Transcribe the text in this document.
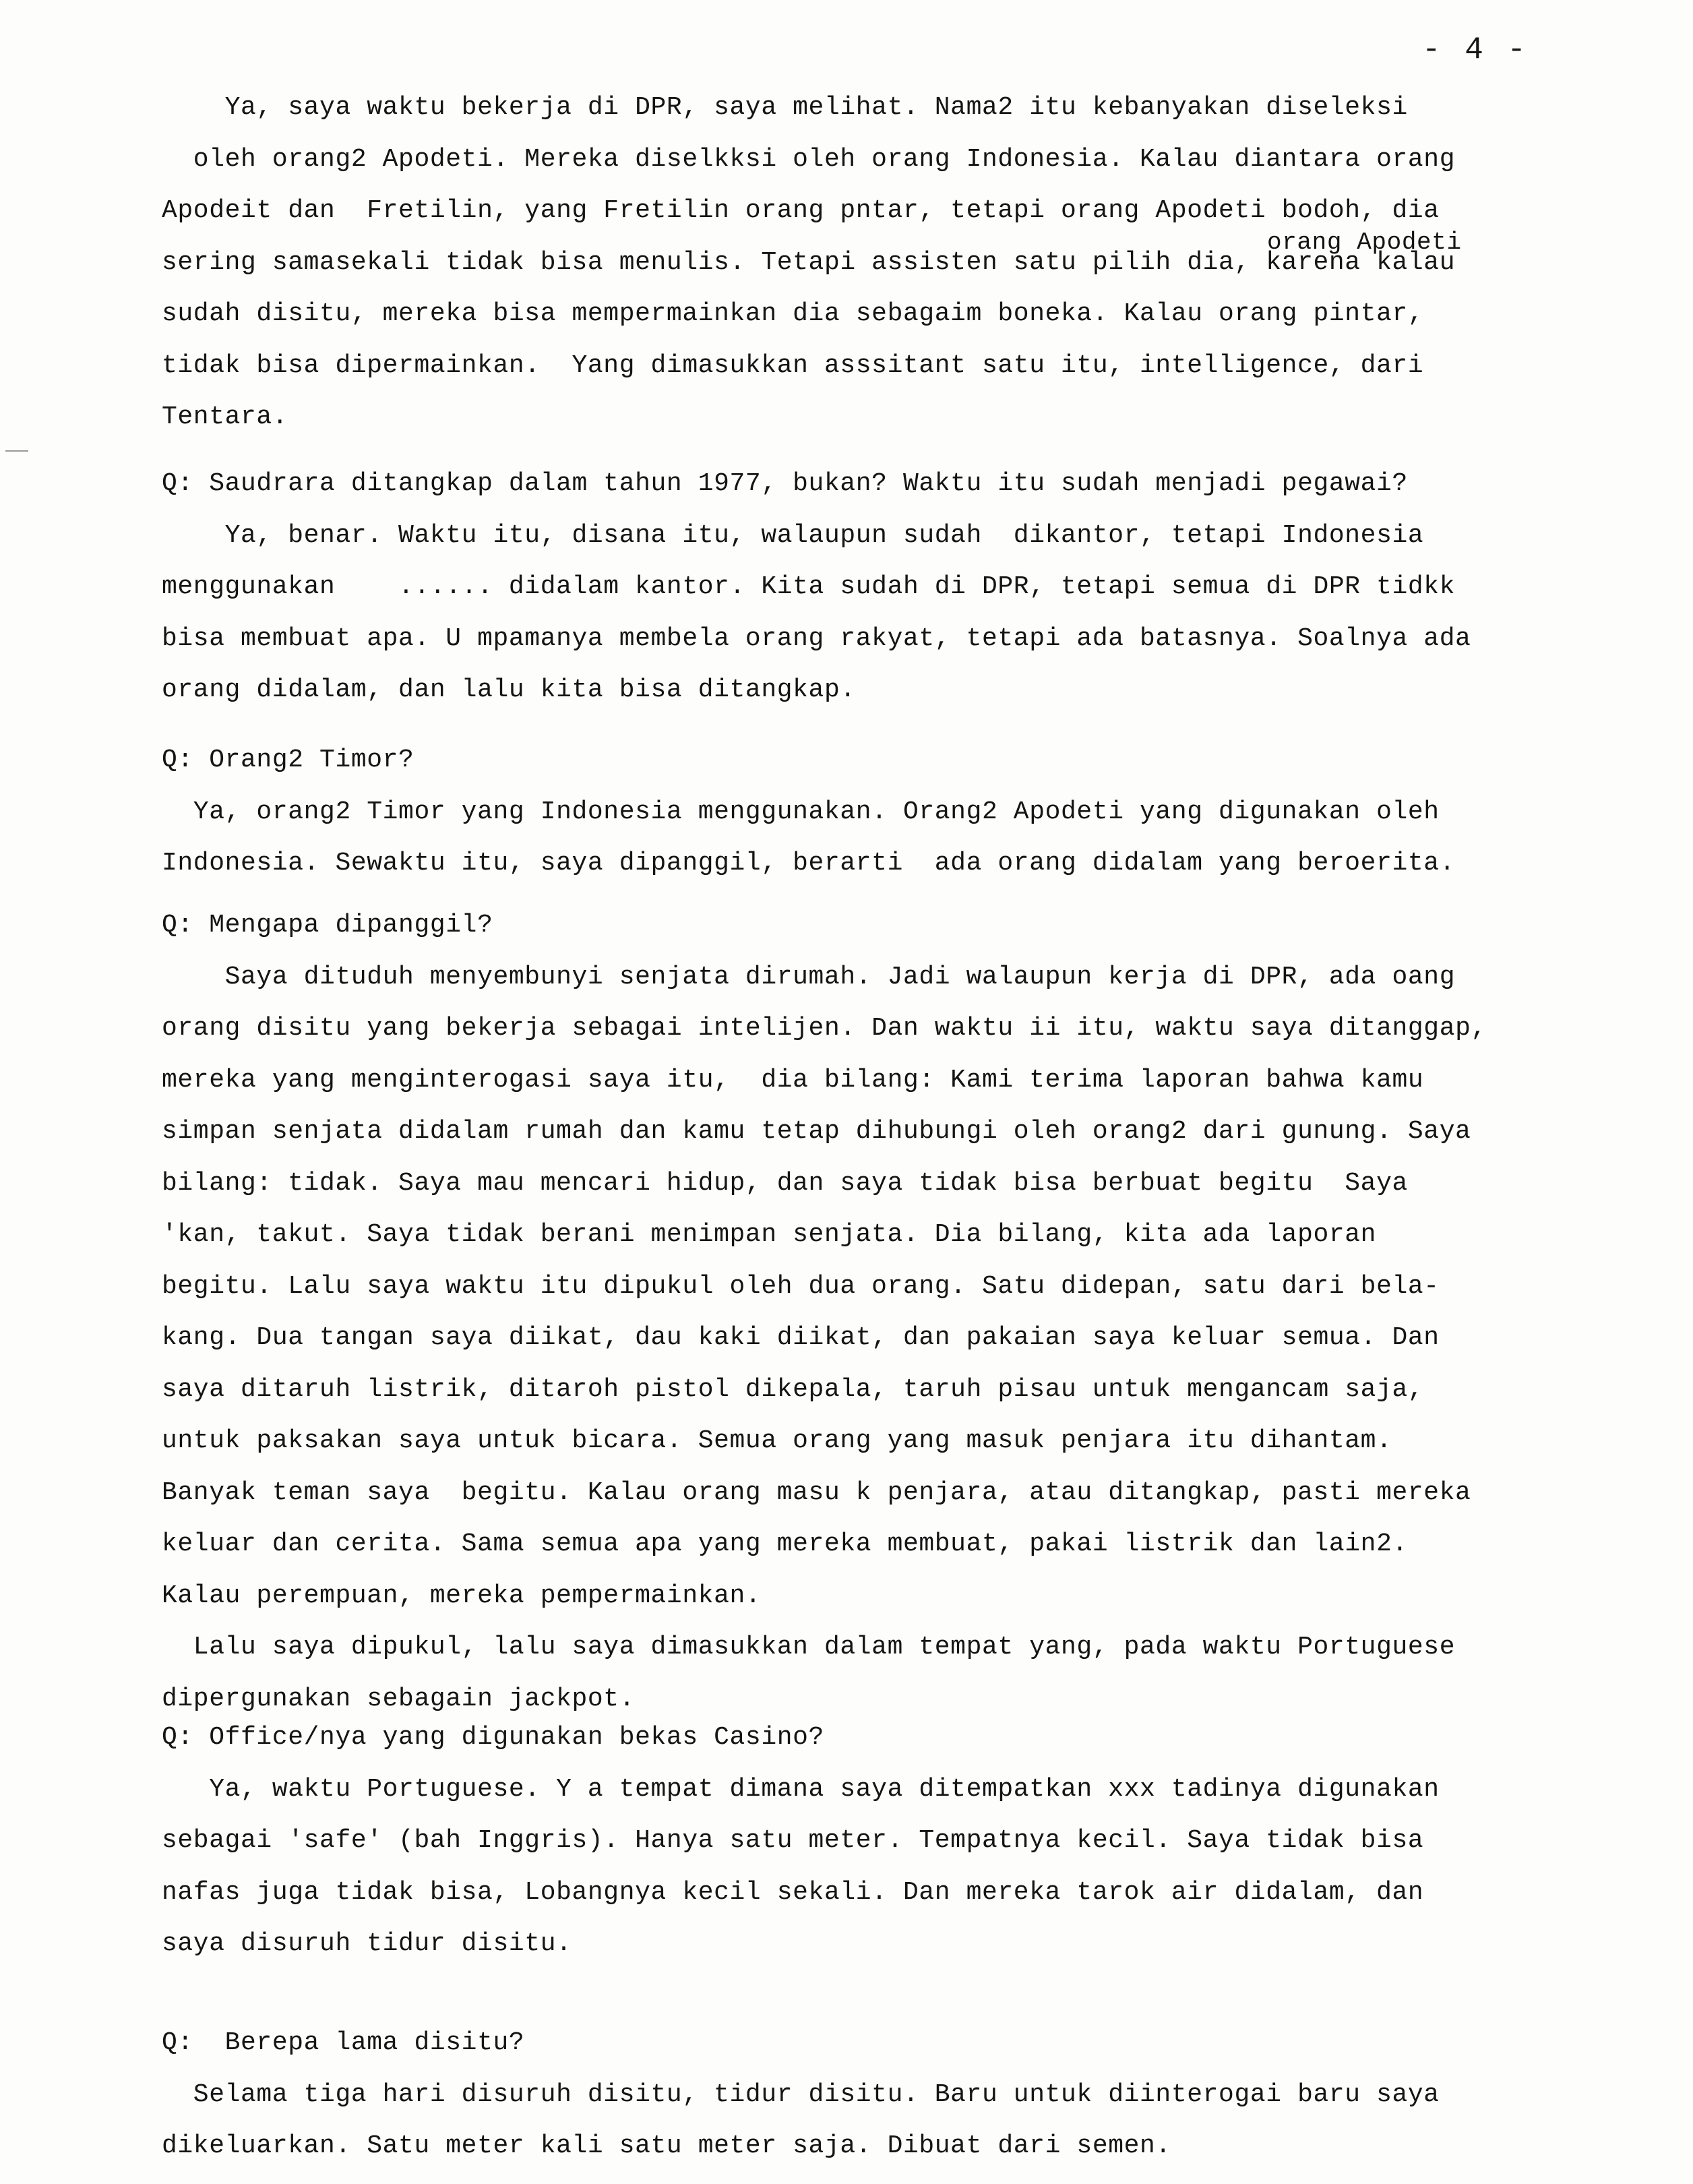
- 4 -
Ya, saya waktu bekerja di DPR, saya melihat. Nama2 itu kebanyakan diseleksi
oleh orang2 Apodeti. Mereka diselkksi oleh orang Indonesia. Kalau diantara orang
Apodeit dan  Fretilin, yang Fretilin orang pntar, tetapi orang Apodeti bodoh, dia
sering samasekali tidak bisa menulis. Tetapi assisten satu pilih dia, karena kalau
sudah disitu, mereka bisa mempermainkan dia sebagaim boneka. Kalau orang pintar,
tidak bisa dipermainkan.  Yang dimasukkan asssitant satu itu, intelligence, dari
Tentara.
orang Apodeti
Q: Saudrara ditangkap dalam tahun 1977, bukan? Waktu itu sudah menjadi pegawai?
Ya, benar. Waktu itu, disana itu, walaupun sudah  dikantor, tetapi Indonesia
menggunakan    ...... didalam kantor. Kita sudah di DPR, tetapi semua di DPR tidkk
bisa membuat apa. U mpamanya membela orang rakyat, tetapi ada batasnya. Soalnya ada
orang didalam, dan lalu kita bisa ditangkap.
Q: Orang2 Timor?
Ya, orang2 Timor yang Indonesia menggunakan. Orang2 Apodeti yang digunakan oleh
Indonesia. Sewaktu itu, saya dipanggil, berarti  ada orang didalam yang beroerita.
Q: Mengapa dipanggil?
Saya dituduh menyembunyi senjata dirumah. Jadi walaupun kerja di DPR, ada oang
orang disitu yang bekerja sebagai intelijen. Dan waktu ii itu, waktu saya ditanggap,
mereka yang menginterogasi saya itu,  dia bilang: Kami terima laporan bahwa kamu
simpan senjata didalam rumah dan kamu tetap dihubungi oleh orang2 dari gunung. Saya
bilang: tidak. Saya mau mencari hidup, dan saya tidak bisa berbuat begitu  Saya
'kan, takut. Saya tidak berani menimpan senjata. Dia bilang, kita ada laporan
begitu. Lalu saya waktu itu dipukul oleh dua orang. Satu didepan, satu dari bela-
kang. Dua tangan saya diikat, dau kaki diikat, dan pakaian saya keluar semua. Dan
saya ditaruh listrik, ditaroh pistol dikepala, taruh pisau untuk mengancam saja,
untuk paksakan saya untuk bicara. Semua orang yang masuk penjara itu dihantam.
Banyak teman saya  begitu. Kalau orang masu k penjara, atau ditangkap, pasti mereka
keluar dan cerita. Sama semua apa yang mereka membuat, pakai listrik dan lain2.
Kalau perempuan, mereka pempermainkan.
Lalu saya dipukul, lalu saya dimasukkan dalam tempat yang, pada waktu Portuguese
dipergunakan sebagain jackpot.
Q: Office/nya yang digunakan bekas Casino?
Ya, waktu Portuguese. Y a tempat dimana saya ditempatkan xxx tadinya digunakan
sebagai 'safe' (bah Inggris). Hanya satu meter. Tempatnya kecil. Saya tidak bisa
nafas juga tidak bisa, Lobangnya kecil sekali. Dan mereka tarok air didalam, dan
saya disuruh tidur disitu.
Q:  Berepa lama disitu?
Selama tiga hari disuruh disitu, tidur disitu. Baru untuk diinterogai baru saya
dikeluarkan. Satu meter kali satu meter saja. Dibuat dari semen.
